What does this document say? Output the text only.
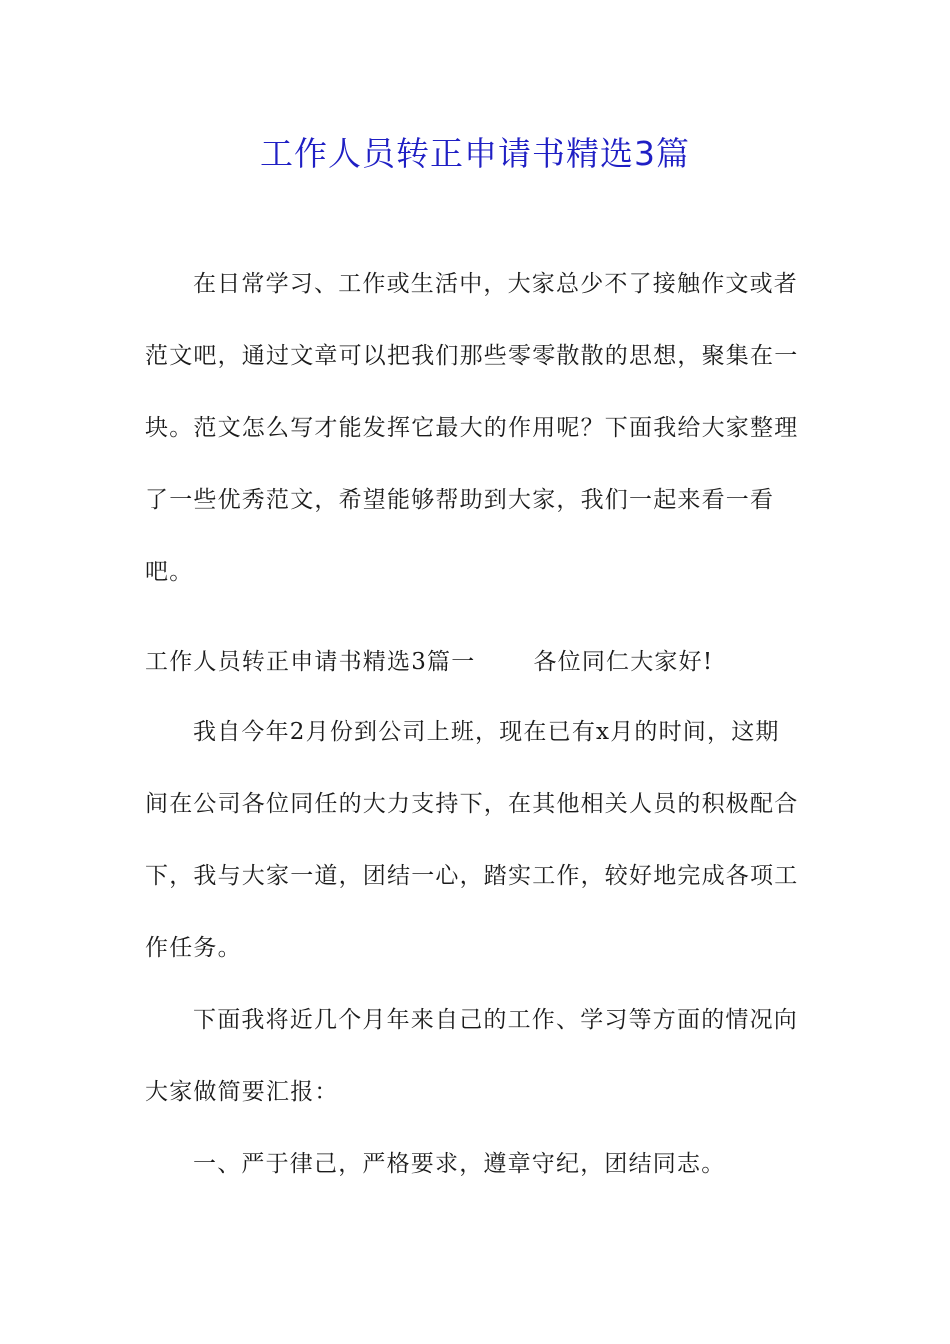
工作人员转正申请书精选3篇
在日常学习、工作或生活中，大家总少不了接触作文或者
范文吧，通过文章可以把我们那些零零散散的思想，聚集在一
块。范文怎么写才能发挥它最大的作用呢？下面我给大家整理
了一些优秀范文，希望能够帮助到大家，我们一起来看一看吧。
工作人员转正申请书精选3篇一	各位同仁大家好!
我自今年2月份到公司上班，现在已有x月的时间，这期
间在公司各位同任的大力支持下，在其他相关人员的积极配合
下，我与大家一道，团结一心，踏实工作，较好地完成各项工
作任务。
下面我将近几个月年来自己的工作、学习等方面的情况向
大家做简要汇报：
一、严于律己，严格要求，遵章守纪，团结同志。
